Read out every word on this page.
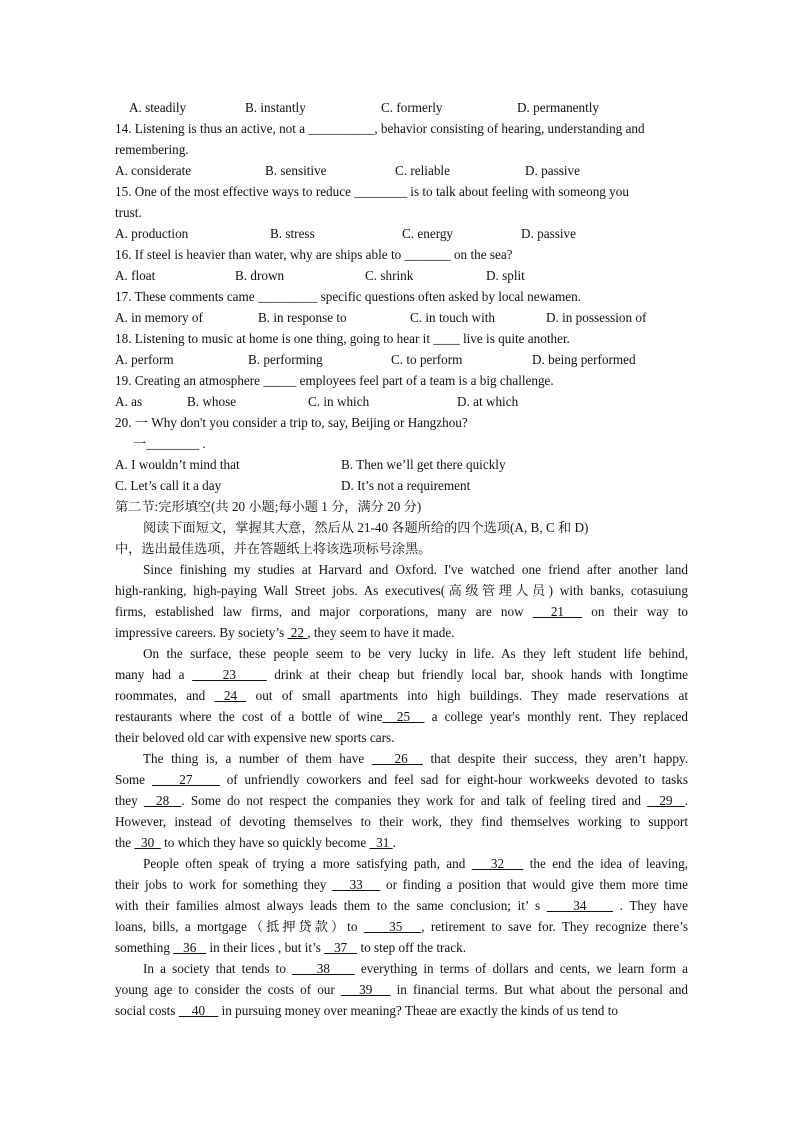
A. steadily	B. instantly	C. formerly	D. permanently
14. Listening is thus an active, not a __________, behavior consisting of hearing, understanding and
remembering.
A. considerate	B. sensitive	C. reliable	D. passive
15. One of the most effective ways to reduce ________ is to talk about feeling with someong you
trust.
A. production	B. stress	C. energy	D. passive
16. If steel is heavier than water, why are ships able to _______ on the sea?
A. float	B. drown	C. shrink	D. split
17. These comments came _________ specific questions often asked by local newamen.
A. in memory of	B. in response to	C. in touch with	D. in possession of
18. Listening to music at home is one thing, going to hear it ____ live is quite another.
A. perform	B. performing	C. to perform	D. being performed
19. Creating an atmosphere _____ employees feel part of a team is a big challenge.
A. as	B. whose	C. in which	D. at which
20. 一 Why don't you consider a trip to, say, Beijing or Hangzhou?
一________ .
A. I wouldn’t mind that	B. Then we’ll get there quickly
C. Let’s call it a day	D. It’s not a requirement
第二节:完形填空(共 20 小题;每小题 1 分，满分 20 分)
阅读下面短文，掌握其大意，然后从 21-40 各题所给的四个选项(A, B, C 和 D)
中，选出最佳选项，并在答题纸上将该选项标号涂黑。
Since finishing my studies at Harvard and Oxford. I've watched one friend after another land
high-ranking, high-paying Wall Street jobs. As executives(高级管理人员) with banks, cotasuiung
firms, established law firms, and major corporations, many are now   21   on their way to
impressive careers. By society’s  22 , they seem to have it made.
On the surface, these people seem to be very lucky in life. As they left student life behind,
many had a     23     drink at their cheap but friendly local bar, shook hands with Iongtime
roommates, and  24  out of small apartments into high buildings. They made reservations at
restaurants where the cost of a bottle of wine  25   a college year's monthly rent. They replaced
their beloved old car with expensive new sports cars.
The thing is, a number of them have    26   that despite their success, they aren’t happy.
Some     27     of unfriendly coworkers and feel sad for eight-hour workweeks devoted to tasks
they   28  . Some do not respect the companies they work for and talk of feeling tired and   29  .
However, instead of devoting themselves to their work, they find themselves working to support
the   30   to which they have so quickly become   31 .
People often speak of trying a more satisfying path, and    32    the end the idea of leaving,
their jobs to work for something they    33    or finding a position that would give them more time
with their families almost always leads them to the same conclusion; it’ s     34     . They have
loans, bills, a mortgage（抵押贷款）to     35   , retirement to save for. They recognize there’s
something    36    in their lices , but it’s    37    to step off the track.
In a society that tends to     38     everything in terms of dollars and cents, we learn form a
young age to consider the costs of our    39    in financial terms. But what about the personal and
social costs     40     in pursuing money over meaning? Theae are exactly the kinds of us tend to
